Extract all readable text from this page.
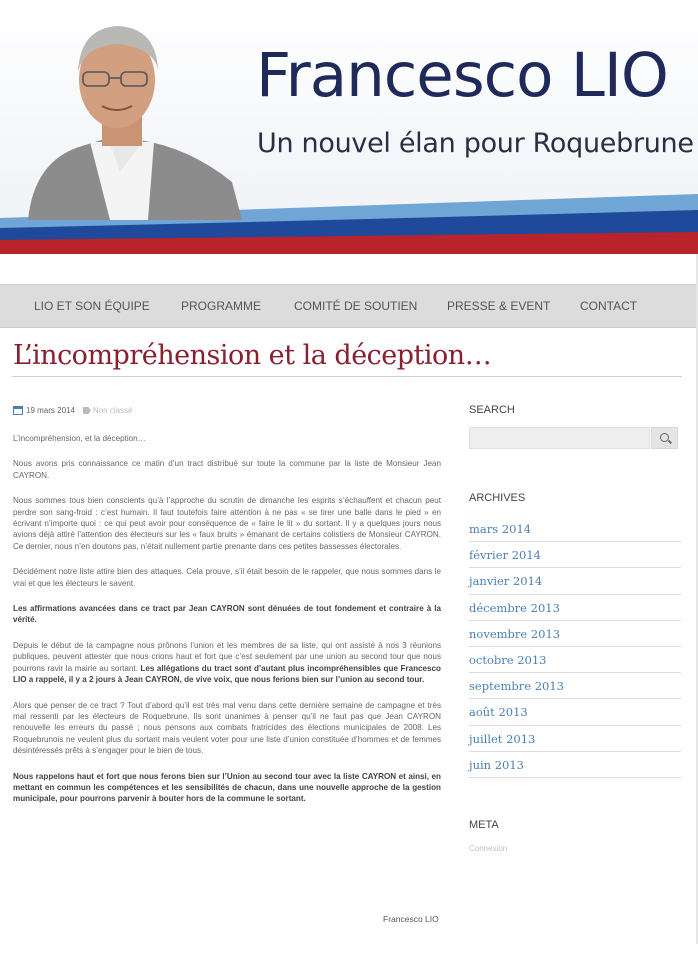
Francesco LIO
Un nouvel élan pour Roquebrune
LIO ET SON ÉQUIPE	PROGRAMME	COMITÉ DE SOUTIEN PRESSE & EVENT CONTACT
L’incompréhension et la déception…
19 mars 2014 Non classé

L’incompréhension, et la déception…

Nous avons pris connaissance ce matin d’un tract distribué sur toute la commune par la liste de Monsieur Jean CAYRON.

Nous sommes tous bien conscients qu’à l’approche du scrutin de dimanche les esprits s’échauffent et chacun peut perdre son sang-froid : c’est humain. Il faut toutefois faire attention à ne pas « se tirer une balle dans le pied » en écrivant n’importe quoi : ce qui peut avoir pour conséquence de « faire le lit » du sortant. Il y a quelques jours nous avions déjà attiré l’attention des électeurs sur les « faux bruits » émanant de certains colistiers de Monsieur CAYRON. Ce dernier, nous n’en doutons pas, n’était nullement partie prenante dans ces petites bassesses électorales.

Décidément notre liste attire bien des attaques. Cela prouve, s’il était besoin de le rappeler, que nous sommes dans le vrai et que les électeurs le savent.

Les affirmations avancées dans ce tract par Jean CAYRON sont dénuées de tout fondement et contraire à la vérité.

Depuis le début de la campagne nous prônons l’union et les membres de sa liste, qui ont assisté à nos 3 réunions publiques, peuvent attester que nous crions haut et fort que c’est seulement par une union au second tour que nous pourrons ravir la mairie au sortant. Les allégations du tract sont d’autant plus incompréhensibles que Francesco LIO a rappelé, il y a 2 jours à Jean CAYRON, de vive voix, que nous ferions bien sur l’union au second tour.

Alors que penser de ce tract ? Tout d’abord qu’il est très mal venu dans cette dernière semaine de campagne et très mal ressenti par les électeurs de Roquebrune. Ils sont unanimes à penser qu’il ne faut pas que Jean CAYRON renouvelle les erreurs du passé ; nous pensons aux combats fratricides des élections municipales de 2008. Les Roquebrunois ne veulent plus du sortant mais veulent voter pour une liste d’union constituée d’hommes et de femmes désintéressés prêts à s’engager pour le bien de tous.

Nous rappelons haut et fort que nous ferons bien sur l’Union au second tour avec la liste CAYRON et ainsi, en mettant en commun les compétences et les sensibilités de chacun, dans une nouvelle approche de la gestion municipale, pour pourrons parvenir à bouter hors de la commune le sortant.

Francesco LIO
SEARCH
ARCHIVES
mars 2014
février 2014
janvier 2014
décembre 2013
novembre 2013
octobre 2013
septembre 2013
août 2013
juillet 2013
juin 2013
META
Connexion
